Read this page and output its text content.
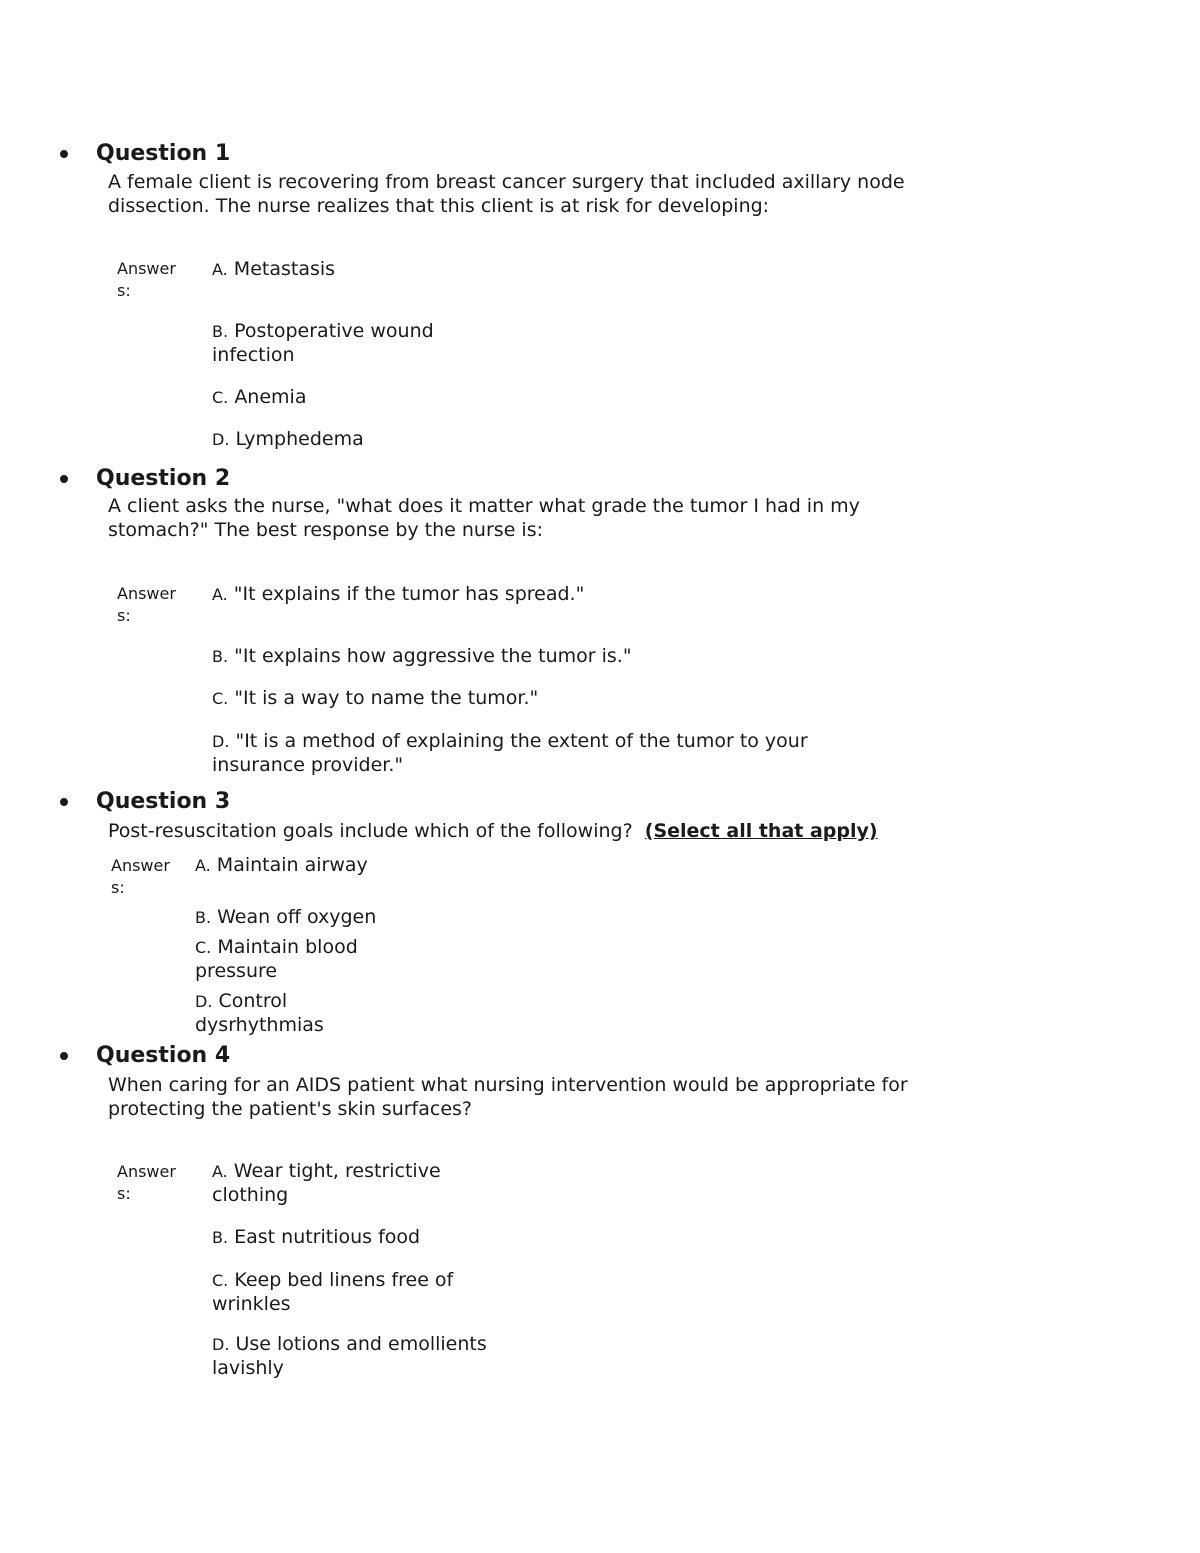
Question 1
A female client is recovering from breast cancer surgery that included axillary node
dissection. The nurse realizes that this client is at risk for developing:
Answer
s:
A. Metastasis
B. Postoperative wound
infection
C. Anemia
D. Lymphedema
Question 2
A client asks the nurse, "what does it matter what grade the tumor I had in my
stomach?" The best response by the nurse is:
Answer
s:
A. "It explains if the tumor has spread."
B. "It explains how aggressive the tumor is."
C. "It is a way to name the tumor."
D. "It is a method of explaining the extent of the tumor to your
insurance provider."
Question 3
Post-resuscitation goals include which of the following? (Select all that apply)
Answer
s:
A. Maintain airway
B. Wean off oxygen
C. Maintain blood
pressure
D. Control
dysrhythmias
Question 4
When caring for an AIDS patient what nursing intervention would be appropriate for
protecting the patient's skin surfaces?
Answer
s:
A. Wear tight, restrictive
clothing
B. East nutritious food
C. Keep bed linens free of
wrinkles
D. Use lotions and emollients
lavishly
